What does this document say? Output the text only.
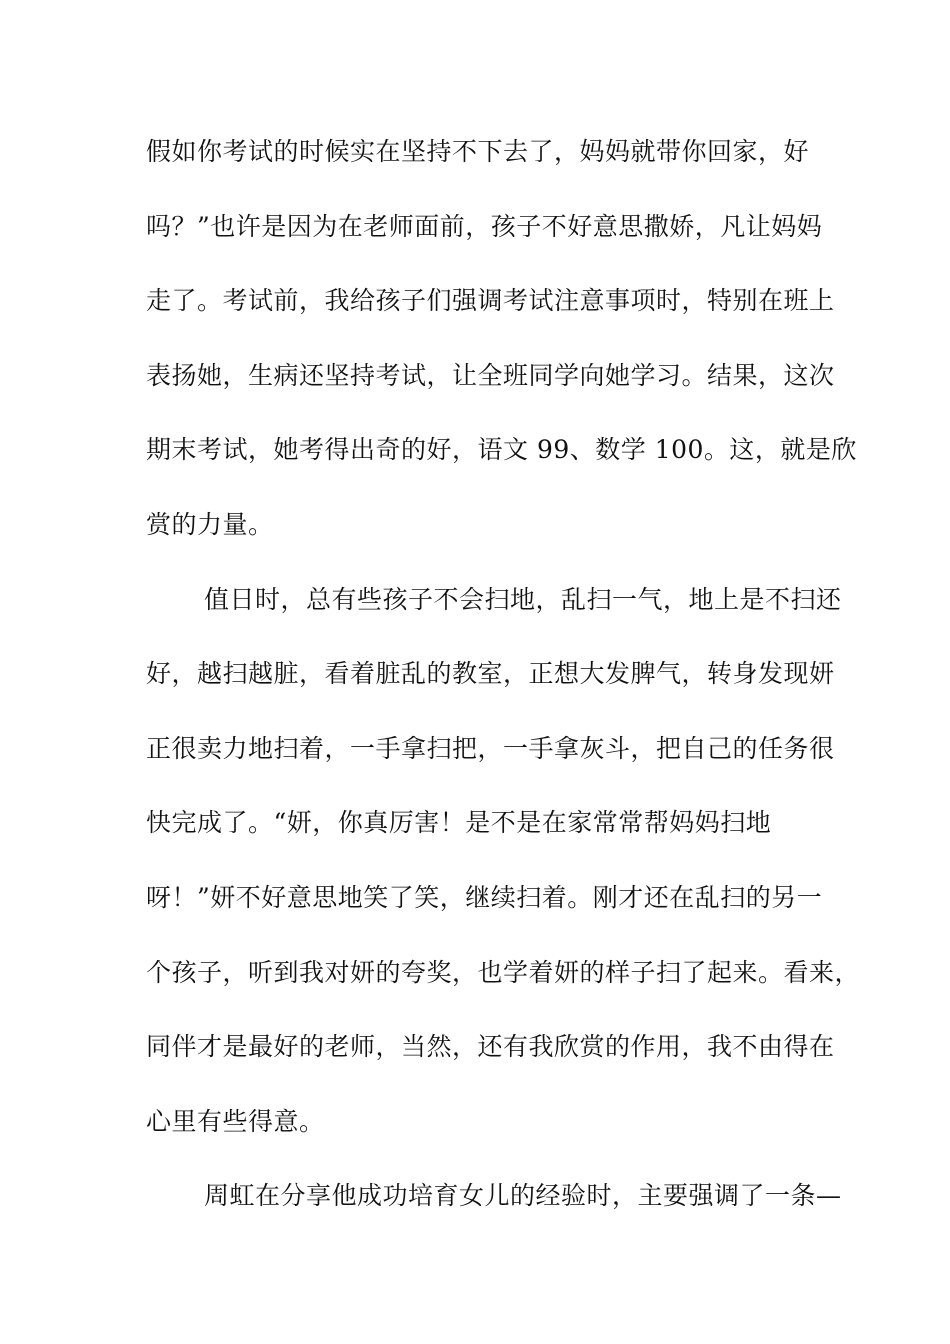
假如你考试的时候实在坚持不下去了，妈妈就带你回家，好
吗？”也许是因为在老师面前，孩子不好意思撒娇，凡让妈妈
走了。考试前，我给孩子们强调考试注意事项时，特别在班上
表扬她，生病还坚持考试，让全班同学向她学习。结果，这次
期末考试，她考得出奇的好，语文 99、数学 100。这，就是欣
赏的力量。
值日时，总有些孩子不会扫地，乱扫一气，地上是不扫还
好，越扫越脏，看着脏乱的教室，正想大发脾气，转身发现妍
正很卖力地扫着，一手拿扫把，一手拿灰斗，把自己的任务很
快完成了。“妍，你真厉害！是不是在家常常帮妈妈扫地
呀！”妍不好意思地笑了笑，继续扫着。刚才还在乱扫的另一
个孩子，听到我对妍的夸奖，也学着妍的样子扫了起来。看来，
同伴才是最好的老师，当然，还有我欣赏的作用，我不由得在
心里有些得意。
周虹在分享他成功培育女儿的经验时，主要强调了一条—
